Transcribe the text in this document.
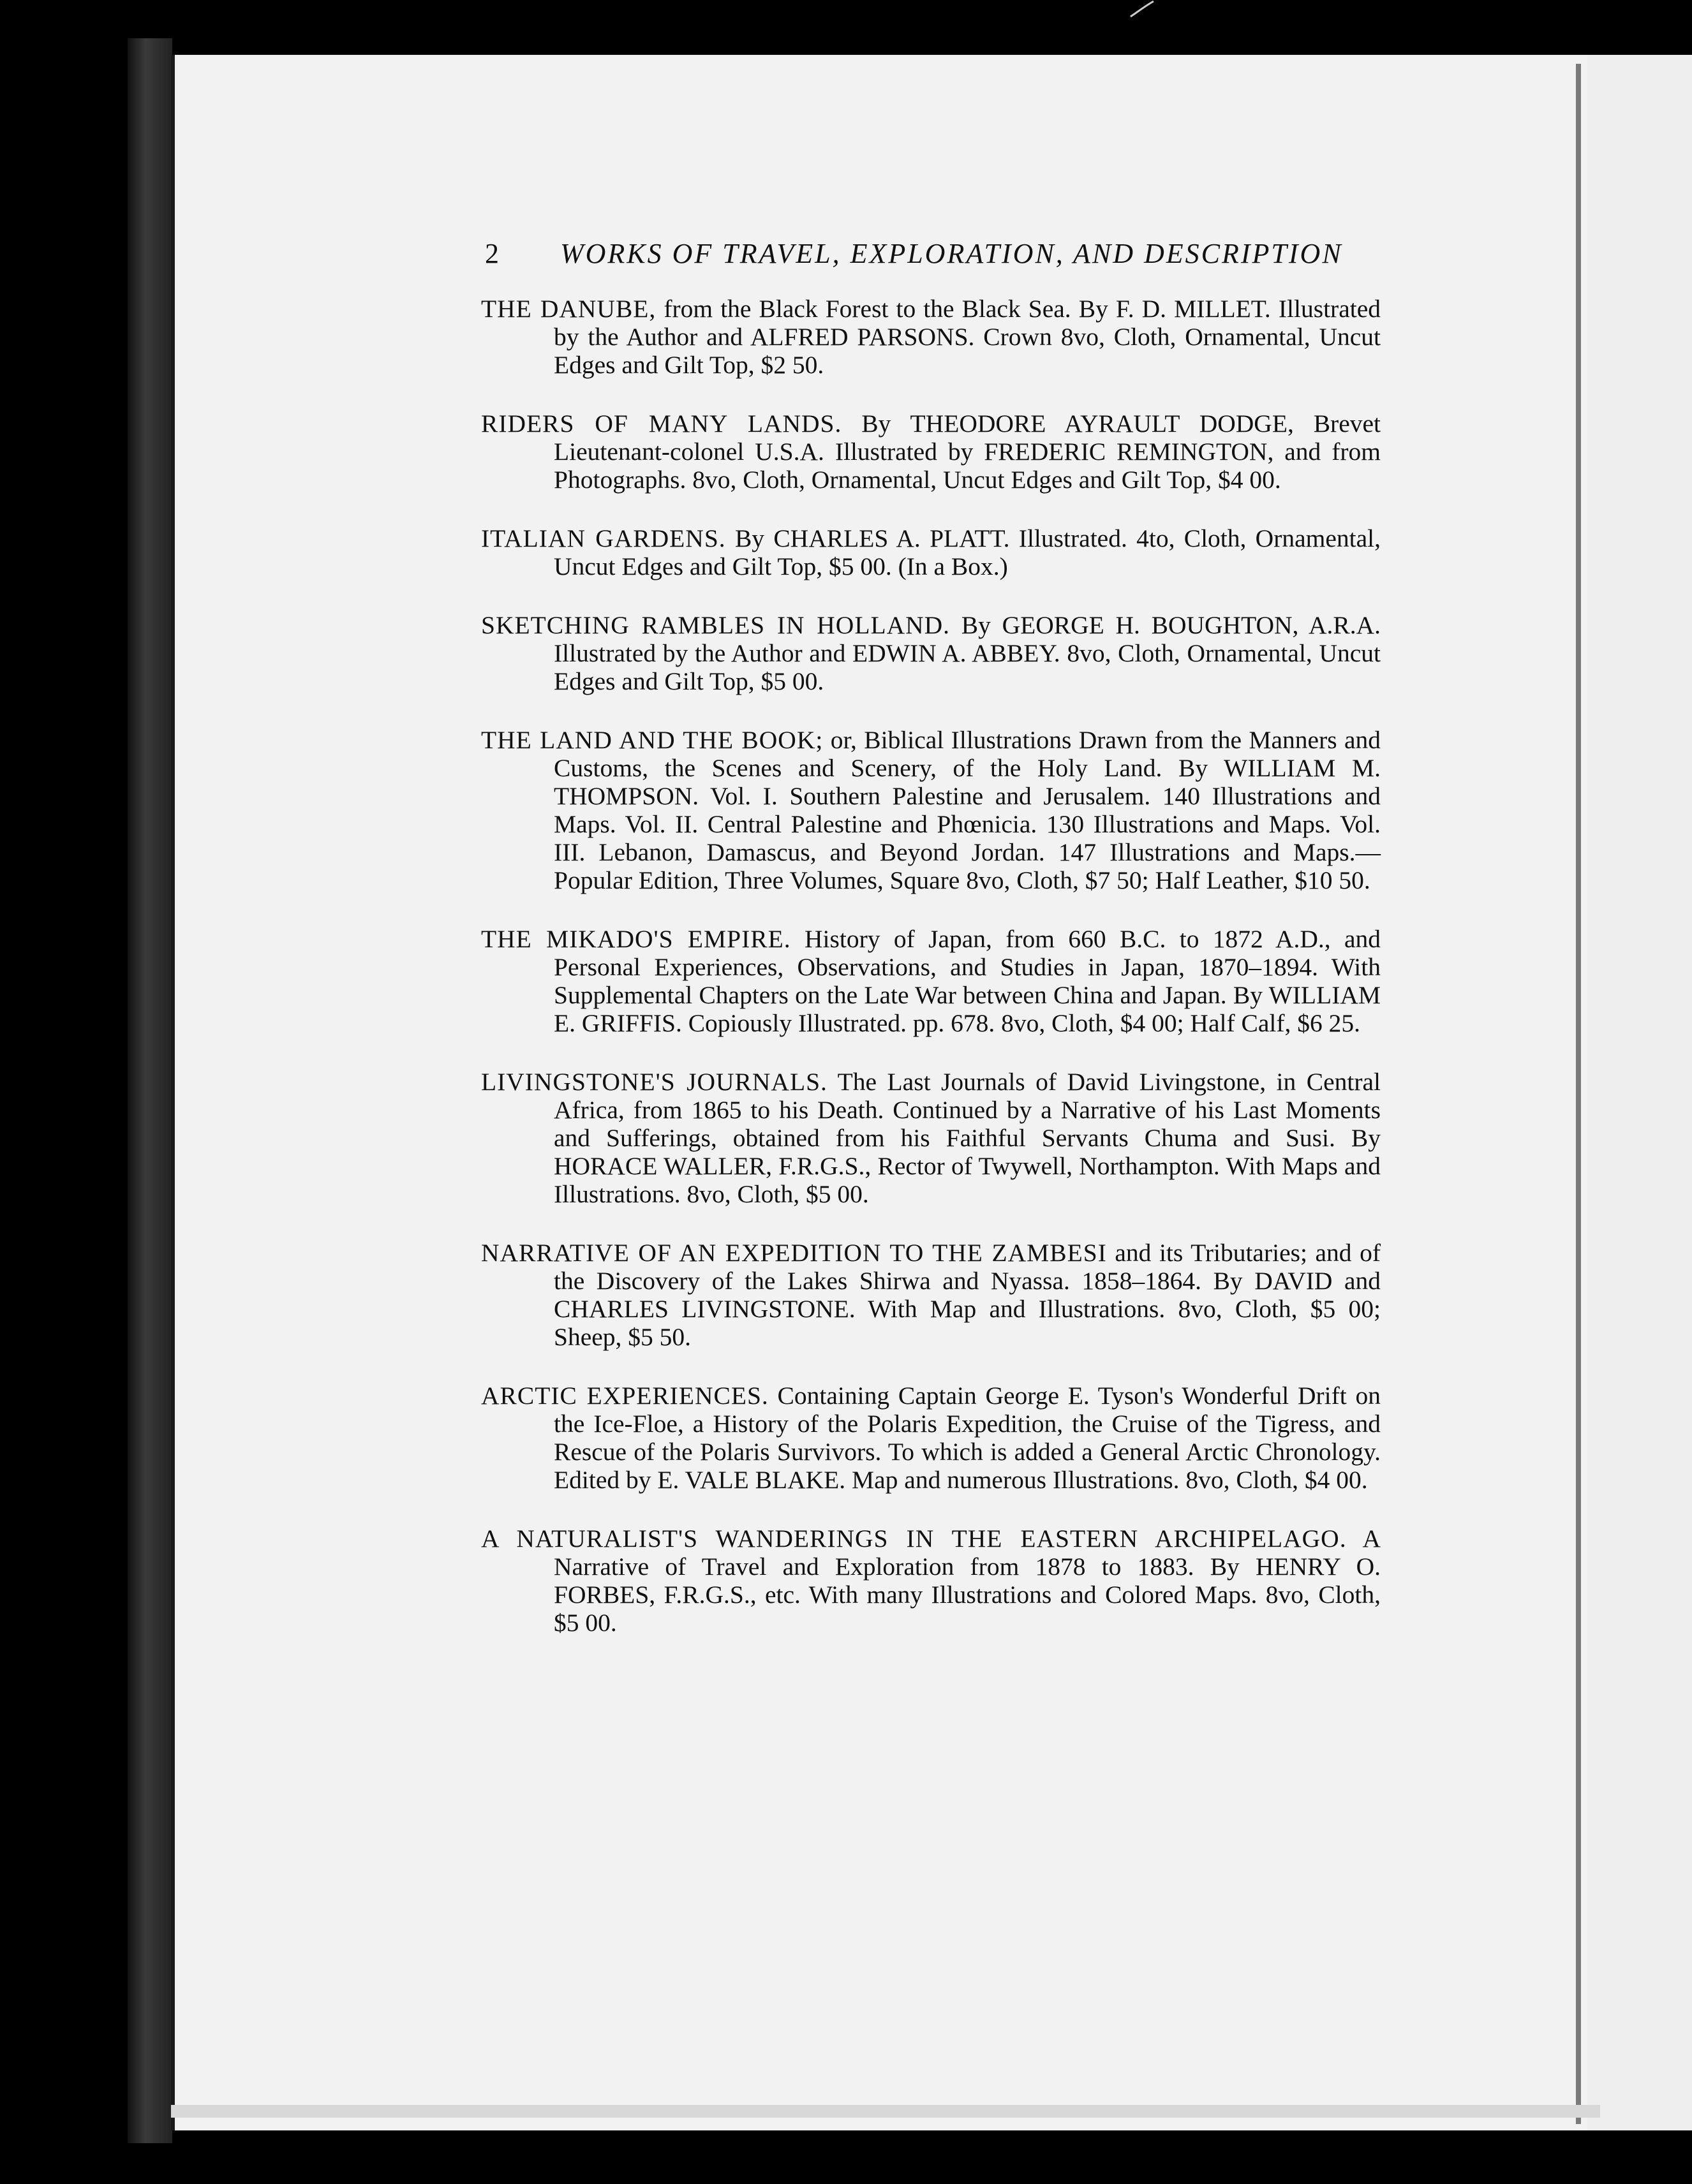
2 WORKS OF TRAVEL, EXPLORATION, AND DESCRIPTION

THE DANUBE, from the Black Forest to the Black Sea. By F. D. MILLET. Illustrated by the Author and ALFRED PARSONS. Crown 8vo, Cloth, Ornamental, Uncut Edges and Gilt Top, $2 50.

RIDERS OF MANY LANDS. By THEODORE AYRAULT DODGE, Brevet Lieutenant-colonel U.S.A. Illustrated by FREDERIC REMINGTON, and from Photographs. 8vo, Cloth, Ornamental, Uncut Edges and Gilt Top, $4 00.

ITALIAN GARDENS. By CHARLES A. PLATT. Illustrated. 4to, Cloth, Ornamental, Uncut Edges and Gilt Top, $5 00. (In a Box.)

SKETCHING RAMBLES IN HOLLAND. By GEORGE H. BOUGHTON, A.R.A. Illustrated by the Author and EDWIN A. ABBEY. 8vo, Cloth, Ornamental, Uncut Edges and Gilt Top, $5 00.

THE LAND AND THE BOOK; or, Biblical Illustrations Drawn from the Manners and Customs, the Scenes and Scenery, of the Holy Land. By WILLIAM M. THOMPSON. Vol. I. Southern Palestine and Jerusalem. 140 Illustrations and Maps. Vol. II. Central Palestine and Phœnicia. 130 Illustrations and Maps. Vol. III. Lebanon, Damascus, and Beyond Jordan. 147 Illustrations and Maps.—Popular Edition, Three Volumes, Square 8vo, Cloth, $7 50; Half Leather, $10 50.

THE MIKADO'S EMPIRE. History of Japan, from 660 B.C. to 1872 A.D., and Personal Experiences, Observations, and Studies in Japan, 1870–1894. With Supplemental Chapters on the Late War between China and Japan. By WILLIAM E. GRIFFIS. Copiously Illustrated. pp. 678. 8vo, Cloth, $4 00; Half Calf, $6 25.

LIVINGSTONE'S JOURNALS. The Last Journals of David Livingstone, in Central Africa, from 1865 to his Death. Continued by a Narrative of his Last Moments and Sufferings, obtained from his Faithful Servants Chuma and Susi. By HORACE WALLER, F.R.G.S., Rector of Twywell, Northampton. With Maps and Illustrations. 8vo, Cloth, $5 00.

NARRATIVE OF AN EXPEDITION TO THE ZAMBESI and its Tributaries; and of the Discovery of the Lakes Shirwa and Nyassa. 1858–1864. By DAVID and CHARLES LIVINGSTONE. With Map and Illustrations. 8vo, Cloth, $5 00; Sheep, $5 50.

ARCTIC EXPERIENCES. Containing Captain George E. Tyson's Wonderful Drift on the Ice-Floe, a History of the Polaris Expedition, the Cruise of the Tigress, and Rescue of the Polaris Survivors. To which is added a General Arctic Chronology. Edited by E. VALE BLAKE. Map and numerous Illustrations. 8vo, Cloth, $4 00.

A NATURALIST'S WANDERINGS IN THE EASTERN ARCHIPELAGO. A Narrative of Travel and Exploration from 1878 to 1883. By HENRY O. FORBES, F.R.G.S., etc. With many Illustrations and Colored Maps. 8vo, Cloth, $5 00.
